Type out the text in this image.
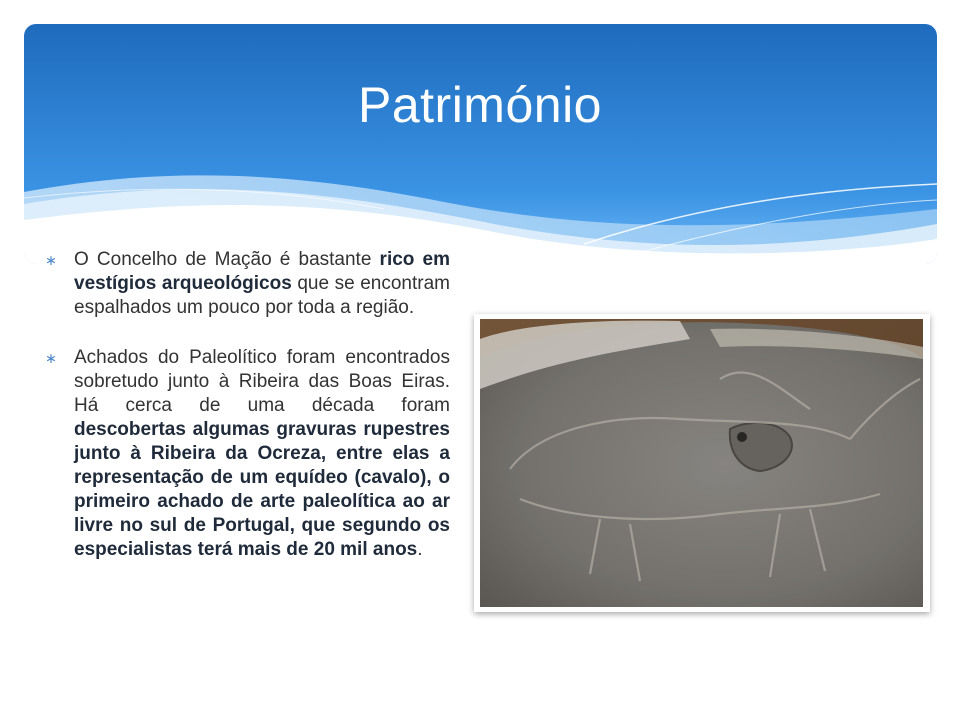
Património
∗ O Concelho de Mação é bastante rico em vestígios arqueológicos que se encontram espalhados um pouco por toda a região.

∗ Achados do Paleolítico foram encontrados sobretudo junto à Ribeira das Boas Eiras. Há cerca de uma década foram descobertas algumas gravuras rupestres junto à Ribeira da Ocreza, entre elas a representação de um equídeo (cavalo), o primeiro achado de arte paleolítica ao ar livre no sul de Portugal, que segundo os especialistas terá mais de 20 mil anos.
